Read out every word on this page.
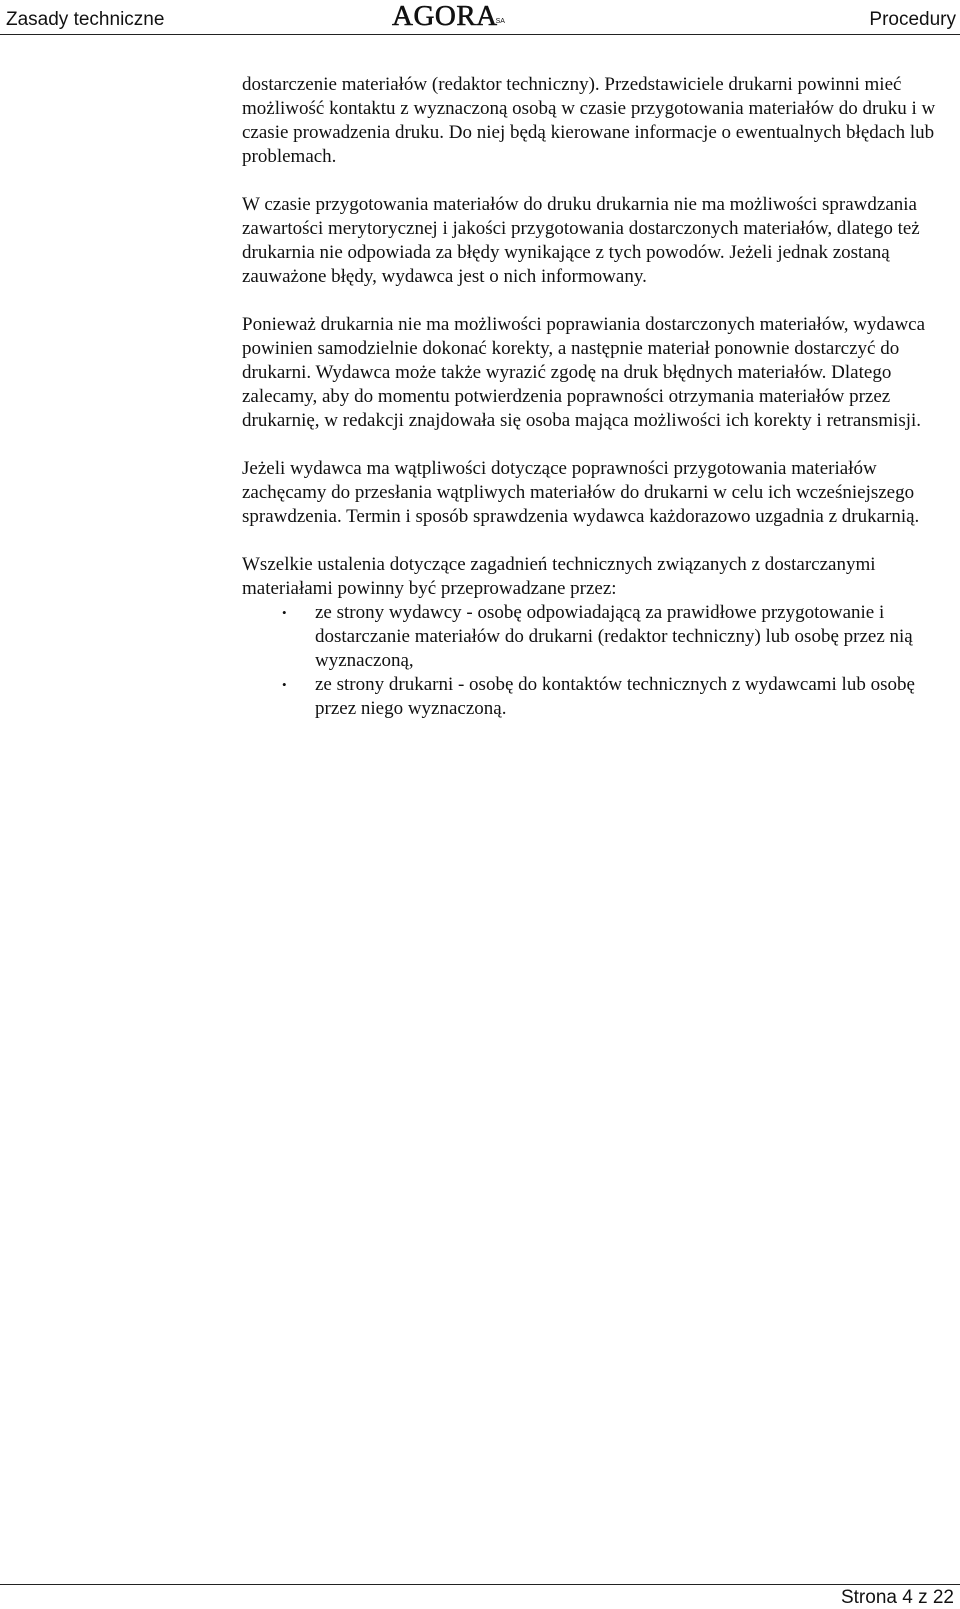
Zasady techniczne	AGORASA	Procedury

dostarczenie materiałów (redaktor techniczny). Przedstawiciele drukarni powinni mieć możliwość kontaktu z wyznaczoną osobą w czasie przygotowania materiałów do druku i w czasie prowadzenia druku. Do niej będą kierowane informacje o ewentualnych błędach lub problemach.

W czasie przygotowania materiałów do druku drukarnia nie ma możliwości sprawdzania zawartości merytorycznej i jakości przygotowania dostarczonych materiałów, dlatego też drukarnia nie odpowiada za błędy wynikające z tych powodów. Jeżeli jednak zostaną zauważone błędy, wydawca jest o nich informowany.

Ponieważ drukarnia nie ma możliwości poprawiania dostarczonych materiałów, wydawca powinien samodzielnie dokonać korekty, a następnie materiał ponownie dostarczyć do drukarni. Wydawca może także wyrazić zgodę na druk błędnych materiałów. Dlatego zalecamy, aby do momentu potwierdzenia poprawności otrzymania materiałów przez drukarnię, w redakcji znajdowała się osoba mająca możliwości ich korekty i retransmisji.

Jeżeli wydawca ma wątpliwości dotyczące poprawności przygotowania materiałów zachęcamy do przesłania wątpliwych materiałów do drukarni w celu ich wcześniejszego sprawdzenia. Termin i sposób sprawdzenia wydawca każdorazowo uzgadnia z drukarnią.

Wszelkie ustalenia dotyczące zagadnień technicznych związanych z dostarczanymi materiałami powinny być przeprowadzane przez:

• ze strony wydawcy - osobę odpowiadającą za prawidłowe przygotowanie i dostarczanie materiałów do drukarni (redaktor techniczny) lub osobę przez nią wyznaczoną,
• ze strony drukarni - osobę do kontaktów technicznych z wydawcami lub osobę przez niego wyznaczoną.
Strona 4 z 22
